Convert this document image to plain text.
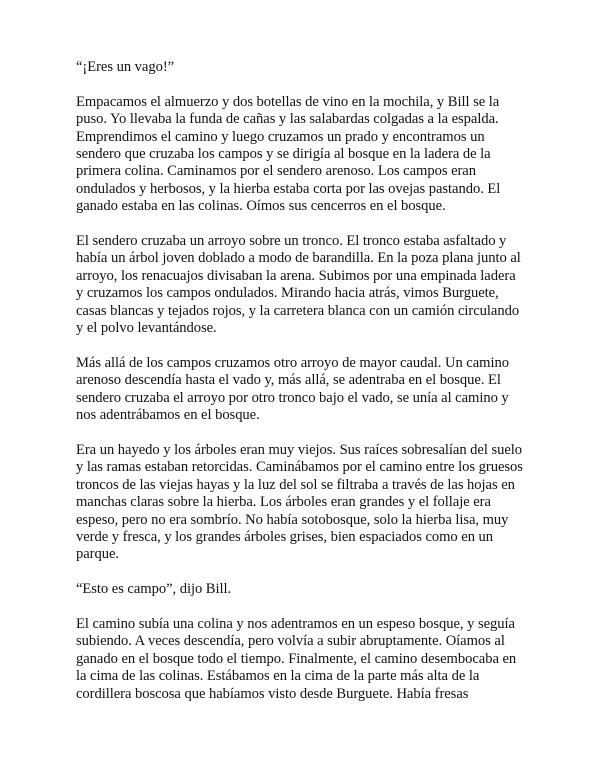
“¡Eres un vago!”

Empacamos el almuerzo y dos botellas de vino en la mochila, y Bill se la puso. Yo llevaba la funda de cañas y las salabardas colgadas a la espalda. Emprendimos el camino y luego cruzamos un prado y encontramos un sendero que cruzaba los campos y se dirigía al bosque en la ladera de la primera colina. Caminamos por el sendero arenoso. Los campos eran ondulados y herbosos, y la hierba estaba corta por las ovejas pastando. El ganado estaba en las colinas. Oímos sus cencerros en el bosque.

El sendero cruzaba un arroyo sobre un tronco. El tronco estaba asfaltado y había un árbol joven doblado a modo de barandilla. En la poza plana junto al arroyo, los renacuajos divisaban la arena. Subimos por una empinada ladera y cruzamos los campos ondulados. Mirando hacia atrás, vimos Burguete, casas blancas y tejados rojos, y la carretera blanca con un camión circulando y el polvo levantándose.

Más allá de los campos cruzamos otro arroyo de mayor caudal. Un camino arenoso descendía hasta el vado y, más allá, se adentraba en el bosque. El sendero cruzaba el arroyo por otro tronco bajo el vado, se unía al camino y nos adentrábamos en el bosque.

Era un hayedo y los árboles eran muy viejos. Sus raíces sobresalían del suelo y las ramas estaban retorcidas. Caminábamos por el camino entre los gruesos troncos de las viejas hayas y la luz del sol se filtraba a través de las hojas en manchas claras sobre la hierba. Los árboles eran grandes y el follaje era espeso, pero no era sombrío. No había sotobosque, solo la hierba lisa, muy verde y fresca, y los grandes árboles grises, bien espaciados como en un parque.

“Esto es campo”, dijo Bill.

El camino subía una colina y nos adentramos en un espeso bosque, y seguía subiendo. A veces descendía, pero volvía a subir abruptamente. Oíamos al ganado en el bosque todo el tiempo. Finalmente, el camino desembocaba en la cima de las colinas. Estábamos en la cima de la parte más alta de la cordillera boscosa que habíamos visto desde Burguete. Había fresas
